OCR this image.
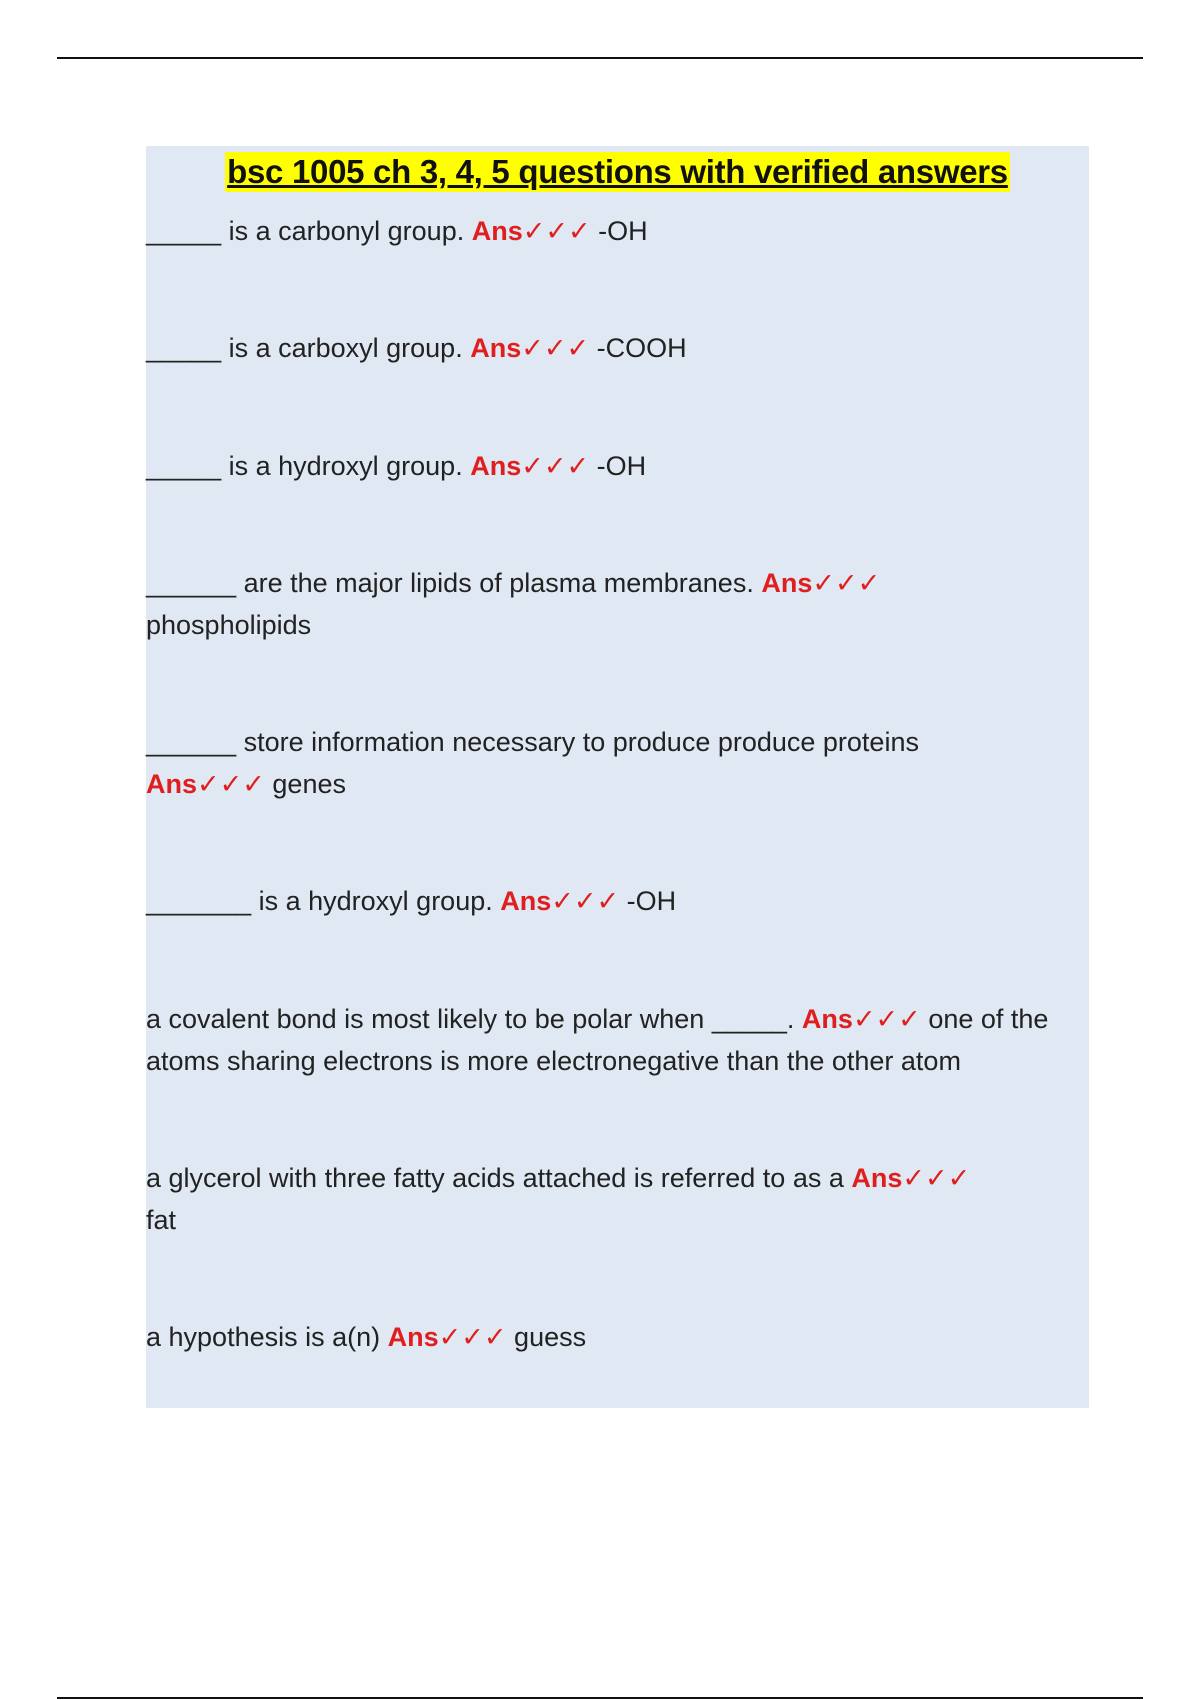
bsc 1005 ch 3, 4, 5 questions with verified answers
_____ is a carbonyl group. Ans✓✓✓ -OH
_____ is a carboxyl group. Ans✓✓✓ -COOH
_____ is a hydroxyl group. Ans✓✓✓ -OH
______ are the major lipids of plasma membranes. Ans✓✓✓
phospholipids
______ store information necessary to produce produce proteins
Ans✓✓✓ genes
_______ is a hydroxyl group. Ans✓✓✓ -OH
a covalent bond is most likely to be polar when _____. Ans✓✓✓ one of the atoms sharing electrons is more electronegative than the other atom
a glycerol with three fatty acids attached is referred to as a Ans✓✓✓
fat
a hypothesis is a(n) Ans✓✓✓ guess
